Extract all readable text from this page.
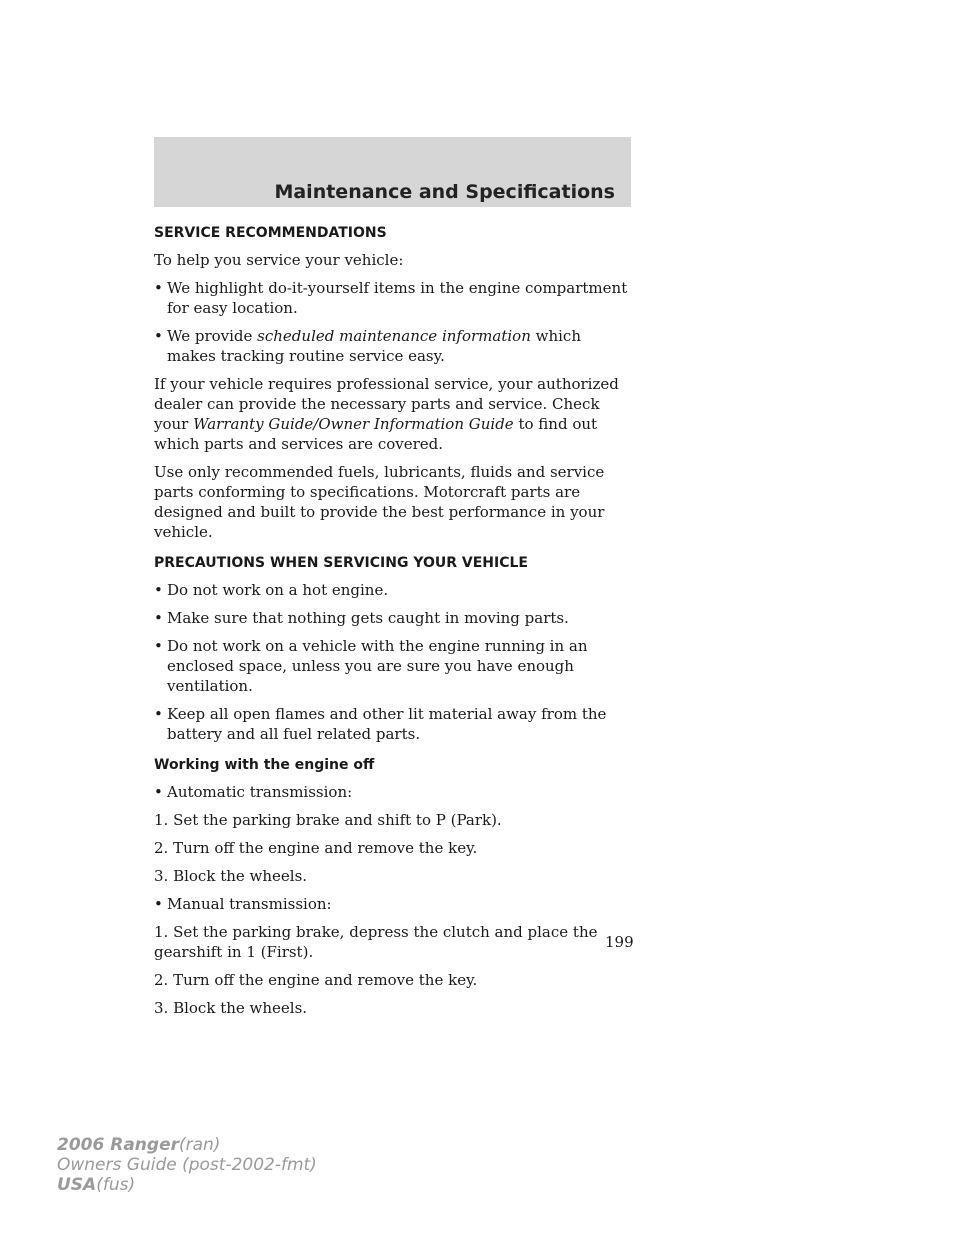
Maintenance and Specifications
SERVICE RECOMMENDATIONS

To help you service your vehicle:

• We highlight do-it-yourself items in the engine compartment for easy location.
• We provide scheduled maintenance information which makes tracking routine service easy.

If your vehicle requires professional service, your authorized dealer can provide the necessary parts and service. Check your Warranty Guide/Owner Information Guide to find out which parts and services are covered.

Use only recommended fuels, lubricants, fluids and service parts conforming to specifications. Motorcraft parts are designed and built to provide the best performance in your vehicle.

PRECAUTIONS WHEN SERVICING YOUR VEHICLE
• Do not work on a hot engine.
• Make sure that nothing gets caught in moving parts.
• Do not work on a vehicle with the engine running in an enclosed space, unless you are sure you have enough ventilation.
• Keep all open flames and other lit material away from the battery and all fuel related parts.
Working with the engine off
• Automatic transmission:

1. Set the parking brake and shift to P (Park).

2. Turn off the engine and remove the key.

3. Block the wheels.

• Manual transmission:

1. Set the parking brake, depress the clutch and place the gearshift in 1 (First).

2. Turn off the engine and remove the key.

3. Block the wheels.

199
2006 Ranger(ran)
Owners Guide (post-2002-fmt)
USA(fus)
